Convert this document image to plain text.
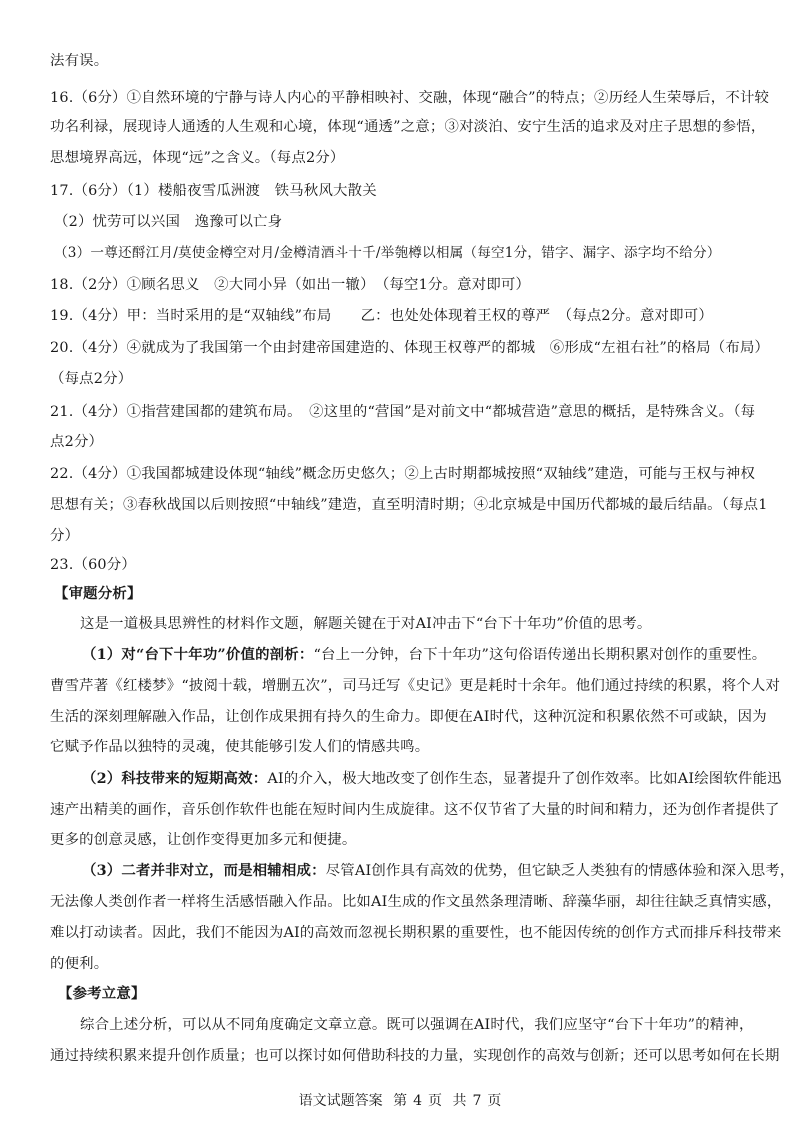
法有误。
16.（6分）①自然环境的宁静与诗人内心的平静相映衬、交融，体现“融合”的特点；②历经人生荣辱后，不计较
功名利禄，展现诗人通透的人生观和心境，体现“通透”之意；③对淡泊、安宁生活的追求及对庄子思想的参悟，
思想境界高远，体现“远”之含义。（每点2分）
17.（6分）（1）楼船夜雪瓜洲渡　铁马秋风大散关
（2）忧劳可以兴国　逸豫可以亡身
（3）一尊还酹江月/莫使金樽空对月/金樽清酒斗十千/举匏樽以相属（每空1分，错字、漏字、添字均不给分）
18.（2分）①顾名思义　②大同小异（如出一辙）　（每空1分。意对即可）
19.（4分）甲：当时采用的是“双轴线”布局　　乙：也处处体现着王权的尊严　（每点2分。意对即可）
20.（4分）④就成为了我国第一个由封建帝国建造的、体现王权尊严的都城　⑥形成“左祖右社”的格局（布局）
（每点2分）
21.（4分）①指营建国都的建筑布局。　②这里的“营国”是对前文中“都城营造”意思的概括，是特殊含义。（每
点2分）
22.（4分）①我国都城建设体现“轴线”概念历史悠久；②上古时期都城按照“双轴线”建造，可能与王权与神权
思想有关；③春秋战国以后则按照“中轴线”建造，直至明清时期；④北京城是中国历代都城的最后结晶。（每点1
分）
23.（60分）
【审题分析】
这是一道极具思辨性的材料作文题，解题关键在于对AI冲击下“台下十年功”价值的思考。
（1）对“台下十年功”价值的剖析：“台上一分钟，台下十年功”这句俗语传递出长期积累对创作的重要性。
曹雪芹著《红楼梦》“披阅十载，增删五次”，司马迁写《史记》更是耗时十余年。他们通过持续的积累，将个人对
生活的深刻理解融入作品，让创作成果拥有持久的生命力。即便在AI时代，这种沉淀和积累依然不可或缺，因为
它赋予作品以独特的灵魂，使其能够引发人们的情感共鸣。
（2）科技带来的短期高效：AI的介入，极大地改变了创作生态，显著提升了创作效率。比如AI绘图软件能迅
速产出精美的画作，音乐创作软件也能在短时间内生成旋律。这不仅节省了大量的时间和精力，还为创作者提供了
更多的创意灵感，让创作变得更加多元和便捷。
（3）二者并非对立，而是相辅相成：尽管AI创作具有高效的优势，但它缺乏人类独有的情感体验和深入思考，
无法像人类创作者一样将生活感悟融入作品。比如AI生成的作文虽然条理清晰、辞藻华丽，却往往缺乏真情实感，
难以打动读者。因此，我们不能因为AI的高效而忽视长期积累的重要性，也不能因传统的创作方式而排斥科技带来
的便利。
【参考立意】
综合上述分析，可以从不同角度确定文章立意。既可以强调在AI时代，我们应坚守“台下十年功”的精神，
通过持续积累来提升创作质量；也可以探讨如何借助科技的力量，实现创作的高效与创新；还可以思考如何在长期
语文试题答案 第 4 页 共 7 页
